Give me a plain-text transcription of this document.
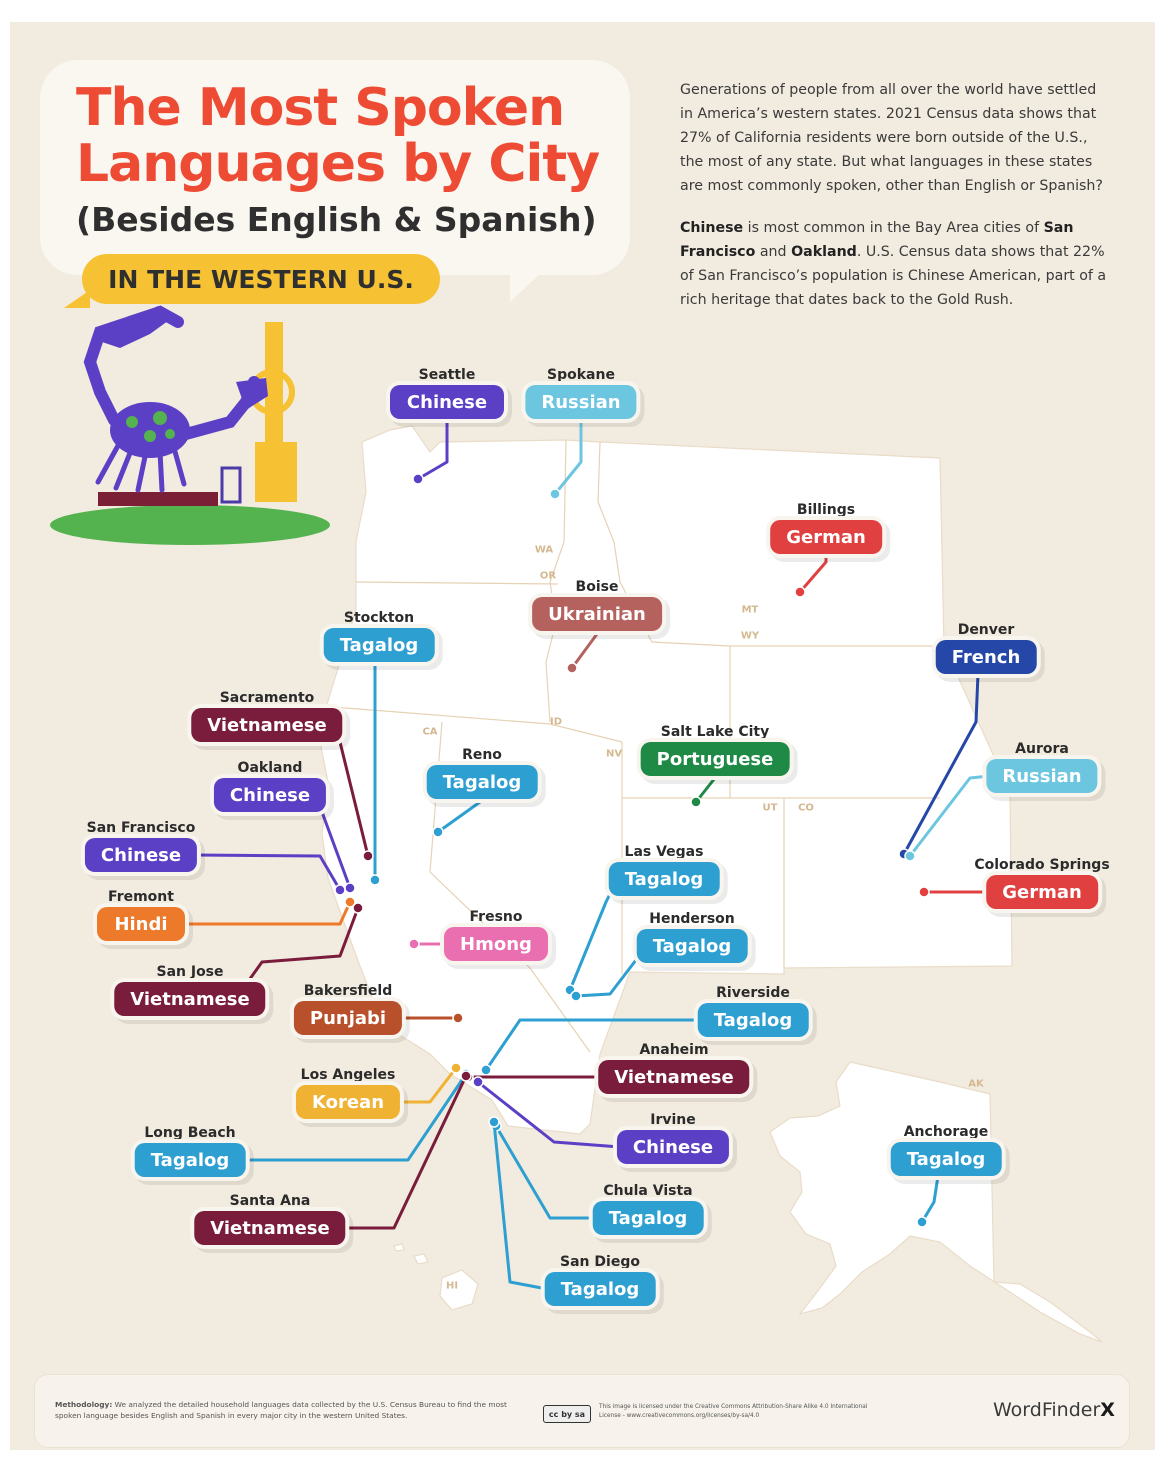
The Most Spoken Languages by City
(Besides English & Spanish)
IN THE WESTERN U.S.

Generations of people from all over the world have settled in America’s western states. 2021 Census data shows that 27% of California residents were born outside of the U.S., the most of any state. But what languages in these states are most commonly spoken, other than English or Spanish?

Chinese is most common in the Bay Area cities of San Francisco and Oakland. U.S. Census data shows that 22% of San Francisco’s population is Chinese American, part of a rich heritage that dates back to the Gold Rush.

WA
OR
ID
MT
WY
CA
NV
UT CO
AK
HI
Seattle
Chinese
Spokane
Russian
Billings
German
Boise
Ukrainian
Stockton
Tagalog
Denver
French
Sacramento
Vietnamese	Salt Lake City
Portuguese	Aurora
Russian
Reno
Tagalog
Oakland
Chinese
San Francisco
Chinese	Las Vegas
Tagalog
Colorado Springs
German
Fremont
Hindi	Fresno
Hmong
Henderson
Tagalog
San Jose
Vietnamese	Bakersfield
Punjabi
Riverside
Tagalog
Anaheim
Vietnamese
Los Angeles
Korean
Irvine
Chinese
Long Beach
Tagalog
Anchorage
Tagalog
Chula Vista
Tagalog
Santa Ana
Vietnamese
San Diego
Tagalog
Methodology: We analyzed the detailed household languages data collected by the U.S. Census Bureau to find the most spoken language besides English and Spanish in every major city in the western United States.	cc by sa
This image is licensed under the Creative Commons Attribution-Share Alike 4.0 International License - www.creativecommons.org/licenses/by-sa/4.0	WordFinderX
